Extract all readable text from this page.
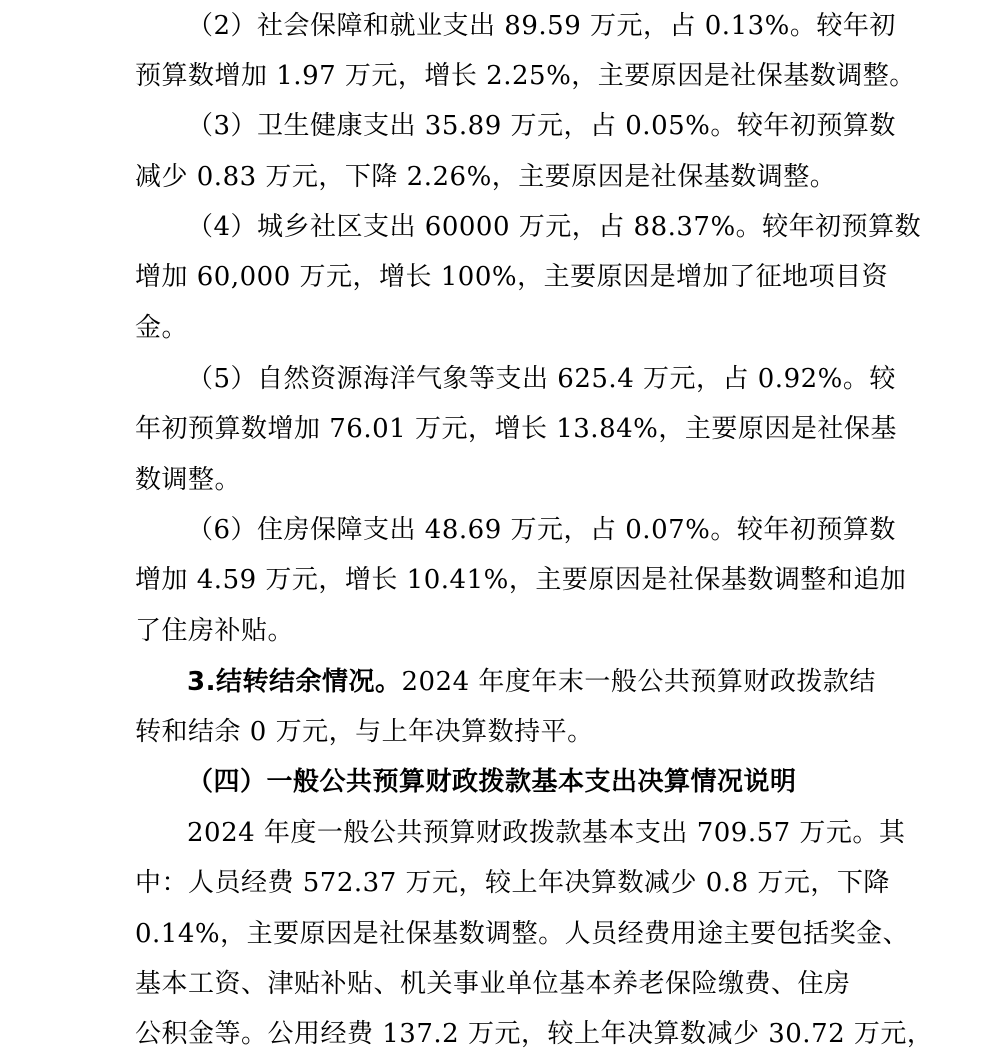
（2）社会保障和就业支出 89.59 万元，占 0.13%。较年初
预算数增加 1.97 万元，增长 2.25%，主要原因是社保基数调整。
（3）卫生健康支出 35.89 万元，占 0.05%。较年初预算数
减少 0.83 万元，下降 2.26%，主要原因是社保基数调整。
（4）城乡社区支出 60000 万元，占 88.37%。较年初预算数
增加 60,000 万元，增长 100%，主要原因是增加了征地项目资
金。
（5）自然资源海洋气象等支出 625.4 万元，占 0.92%。较
年初预算数增加 76.01 万元，增长 13.84%，主要原因是社保基
数调整。
（6）住房保障支出 48.69 万元，占 0.07%。较年初预算数
增加 4.59 万元，增长 10.41%，主要原因是社保基数调整和追加
了住房补贴。
3.结转结余情况。2024 年度年末一般公共预算财政拨款结
转和结余 0 万元，与上年决算数持平。
（四）一般公共预算财政拨款基本支出决算情况说明
2024 年度一般公共预算财政拨款基本支出 709.57 万元。其
中：人员经费 572.37 万元，较上年决算数减少 0.8 万元，下降
0.14%，主要原因是社保基数调整。人员经费用途主要包括奖金、
基本工资、津贴补贴、机关事业单位基本养老保险缴费、住房
公积金等。公用经费 137.2 万元，较上年决算数减少 30.72 万元，
